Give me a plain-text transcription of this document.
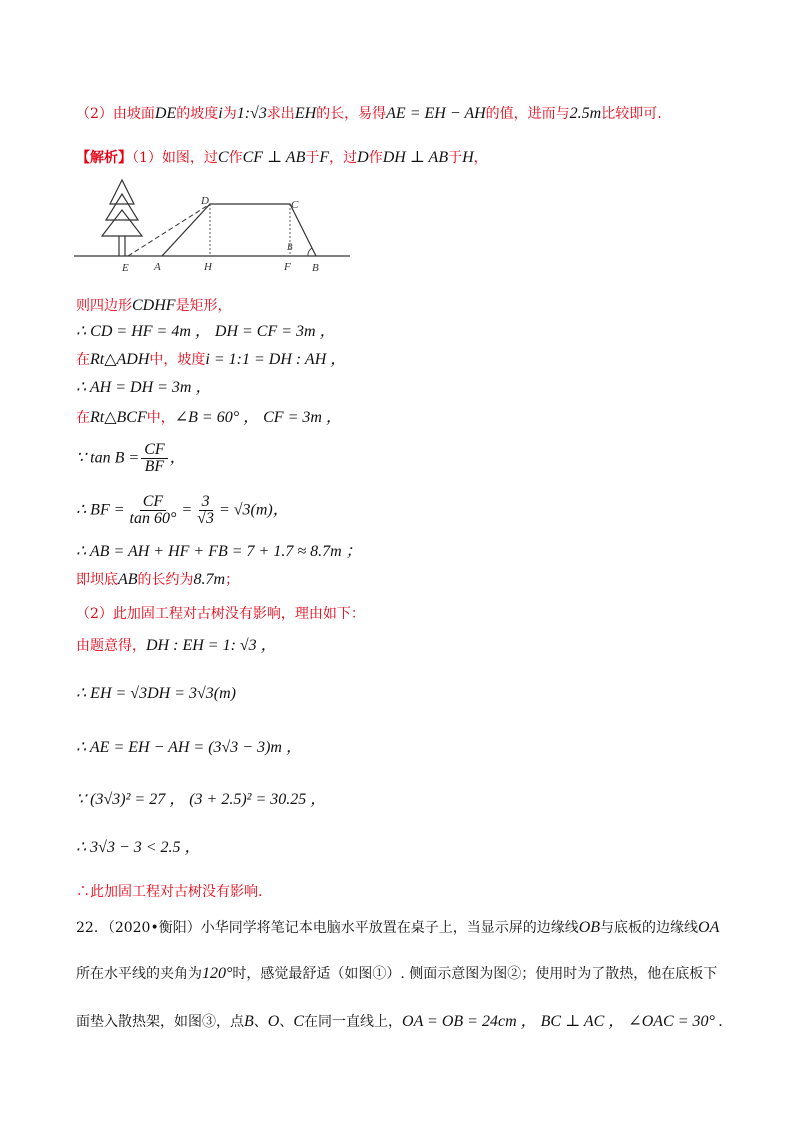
（2）由坡面DE的坡度i为1:√3求出EH的长，易得AE = EH − AH的值，进而与2.5m比较即可.
【解析】（1）如图，过C作CF ⊥ AB于F，过D作DH ⊥ AB于H，
D	C
E A	H	F B
B
则四边形CDHF是矩形，
∴ CD = HF = 4m ， DH = CF = 3m ，
在Rt△ADH中，坡度i = 1:1 = DH : AH ，
∴ AH = DH = 3m ，
在Rt△BCF中，∠B = 60° ， CF = 3m ，
∵ $\tan B = \frac{CF}{BF}$ ，
∴ BF = $\frac{CF}{\tan 60^\circ} = \frac{3}{√3} = √3(m)$，
∴ AB = AH + HF + FB = 7 + 1.7 ≈ 8.7m ；
即坝底AB的长约为8.7m；
（2）此加固工程对古树没有影响，理由如下：
由题意得，DH : EH = 1: √3 ，
∴ EH = √3DH = 3√3(m)
∴ AE = EH − AH = (3√3 − 3)m ，
∵ (3√3)² = 27 ， (3 + 2.5)² = 30.25 ，
∴ 3√3 − 3 < 2.5 ，
∴此加固工程对古树没有影响.
22．（2020•衡阳）小华同学将笔记本电脑水平放置在桌子上，当显示屏的边缘线OB与底板的边缘线OA
所在水平线的夹角为120°时，感觉最舒适（如图①）. 侧面示意图为图②；使用时为了散热，他在底板下
面垫入散热架，如图③，点B、O、C在同一直线上，OA = OB = 24cm ， BC ⊥ AC ， ∠OAC = 30° .
